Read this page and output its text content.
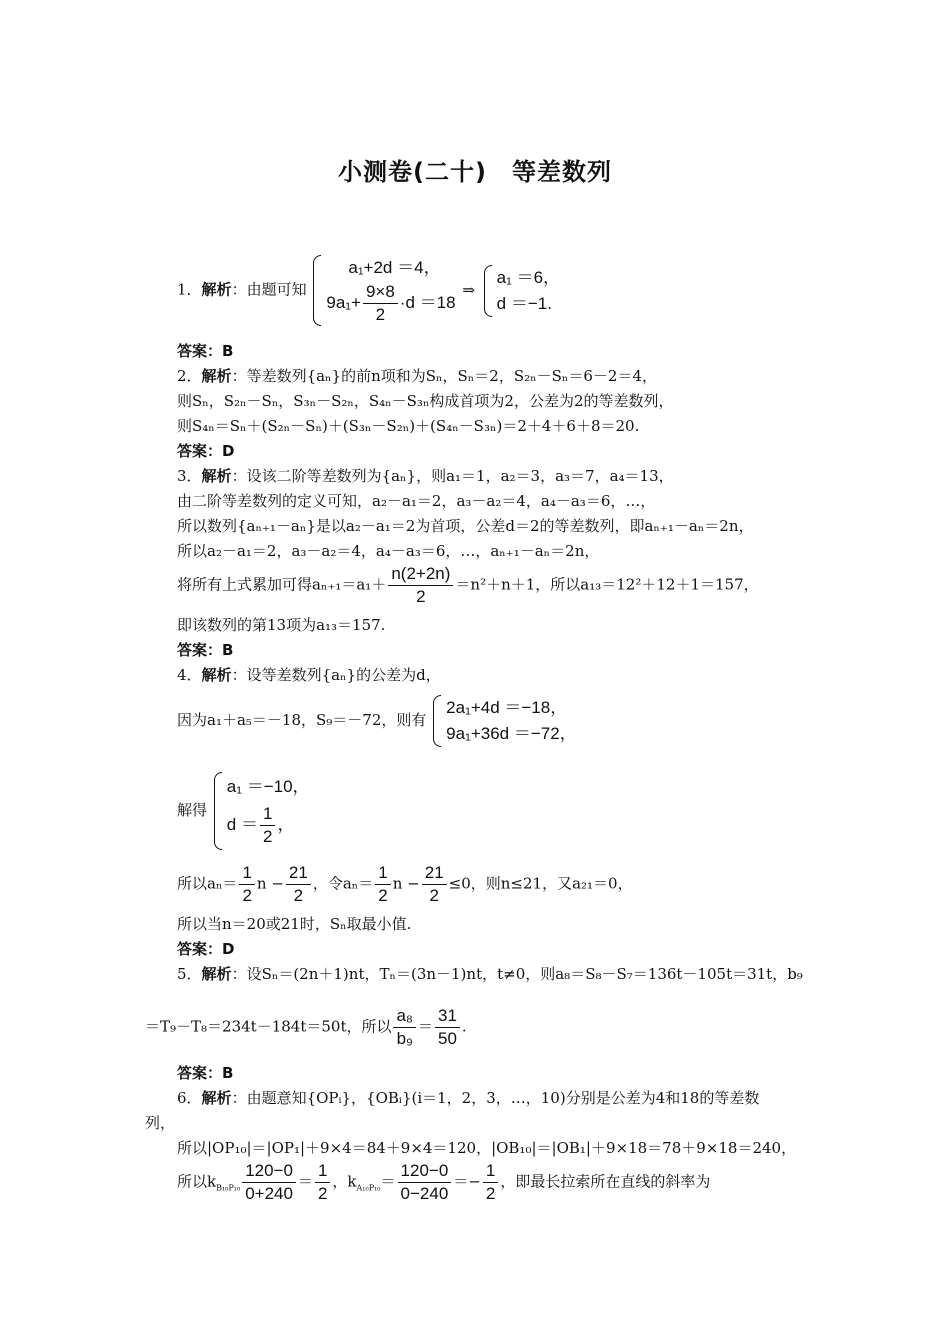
小测卷(二十)　等差数列
1．解析：由题可知
a₁+2d ＝4，
$9a_1+ \frac{9\times 8}{2} \cdot d =18$
⇒
a₁ ＝6，
d ＝−1.
答案：B
2．解析：等差数列{aₙ}的前n项和为Sₙ，Sₙ＝2，S₂ₙ－Sₙ＝6－2＝4，
则Sₙ，S₂ₙ－Sₙ，S₃ₙ－S₂ₙ，S₄ₙ－S₃ₙ构成首项为2，公差为2的等差数列，
则S₄ₙ＝Sₙ＋(S₂ₙ－Sₙ)＋(S₃ₙ－S₂ₙ)＋(S₄ₙ－S₃ₙ)＝2＋4＋6＋8＝20.
答案：D
3．解析：设该二阶等差数列为{aₙ}，则a₁＝1，a₂＝3，a₃＝7，a₄＝13，
由二阶等差数列的定义可知，a₂－a₁＝2，a₃－a₂＝4，a₄－a₃＝6，…，
所以数列{aₙ₊₁－aₙ}是以a₂－a₁＝2为首项，公差d＝2的等差数列，即aₙ₊₁－aₙ＝2n，
所以a₂－a₁＝2，a₃－a₂＝4，a₄－a₃＝6，…，aₙ₊₁－aₙ＝2n，
将所有上式累加可得$a_{n+1}=a_1+ \frac{n(2+2n)}{2} =n^2+n+1$，所以a₁₃＝12²＋12＋1＝157，
即该数列的第13项为a₁₃＝157.
答案：B
4．解析：设等差数列{aₙ}的公差为d，
因为a₁＋a₅＝－18，S₉＝－72，则有
2a₁+4d ＝−18，
9a₁+36d ＝−72，
解得
a₁ ＝−10，
$d = \frac{1}{2}$ ，
所以$a_n= \frac{1}{2}$ $n - \frac{21}{2}$ ，令$a_n= \frac{1}{2}$ $n - \frac{21}{2} \le 0$，则n≤21，又a₂₁＝0，
所以当n＝20或21时，Sₙ取最小值.
答案：D
5．解析：设Sₙ＝(2n＋1)nt，Tₙ＝(3n－1)nt，t≠0，则a₈＝S₈－S₇＝136t－105t＝31t，b₉
＝T₉－T₈＝234t－184t＝50t，所以 $\frac{\text{a₈}}{\text{b₉}} = \frac{31}{50}$ .
答案：B
6．解析：由题意知{OPᵢ}，{OBᵢ}(i＝1，2，3，…，10)分别是公差为4和18的等差数
列，
所以|OP₁₀|＝|OP₁|＋9×4＝84＋9×4＝120，|OB₁₀|＝|OB₁|＋9×18＝78＋9×18＝240，
所以$k_{B_{10}P_{10}} \frac{120-0}{0+240} = \frac{1}{2}$ ，$k_{A_{10}P_{10}}= \frac{120-0}{0-240} =- \frac{1}{2}$ ，即最长拉索所在直线的斜率为
